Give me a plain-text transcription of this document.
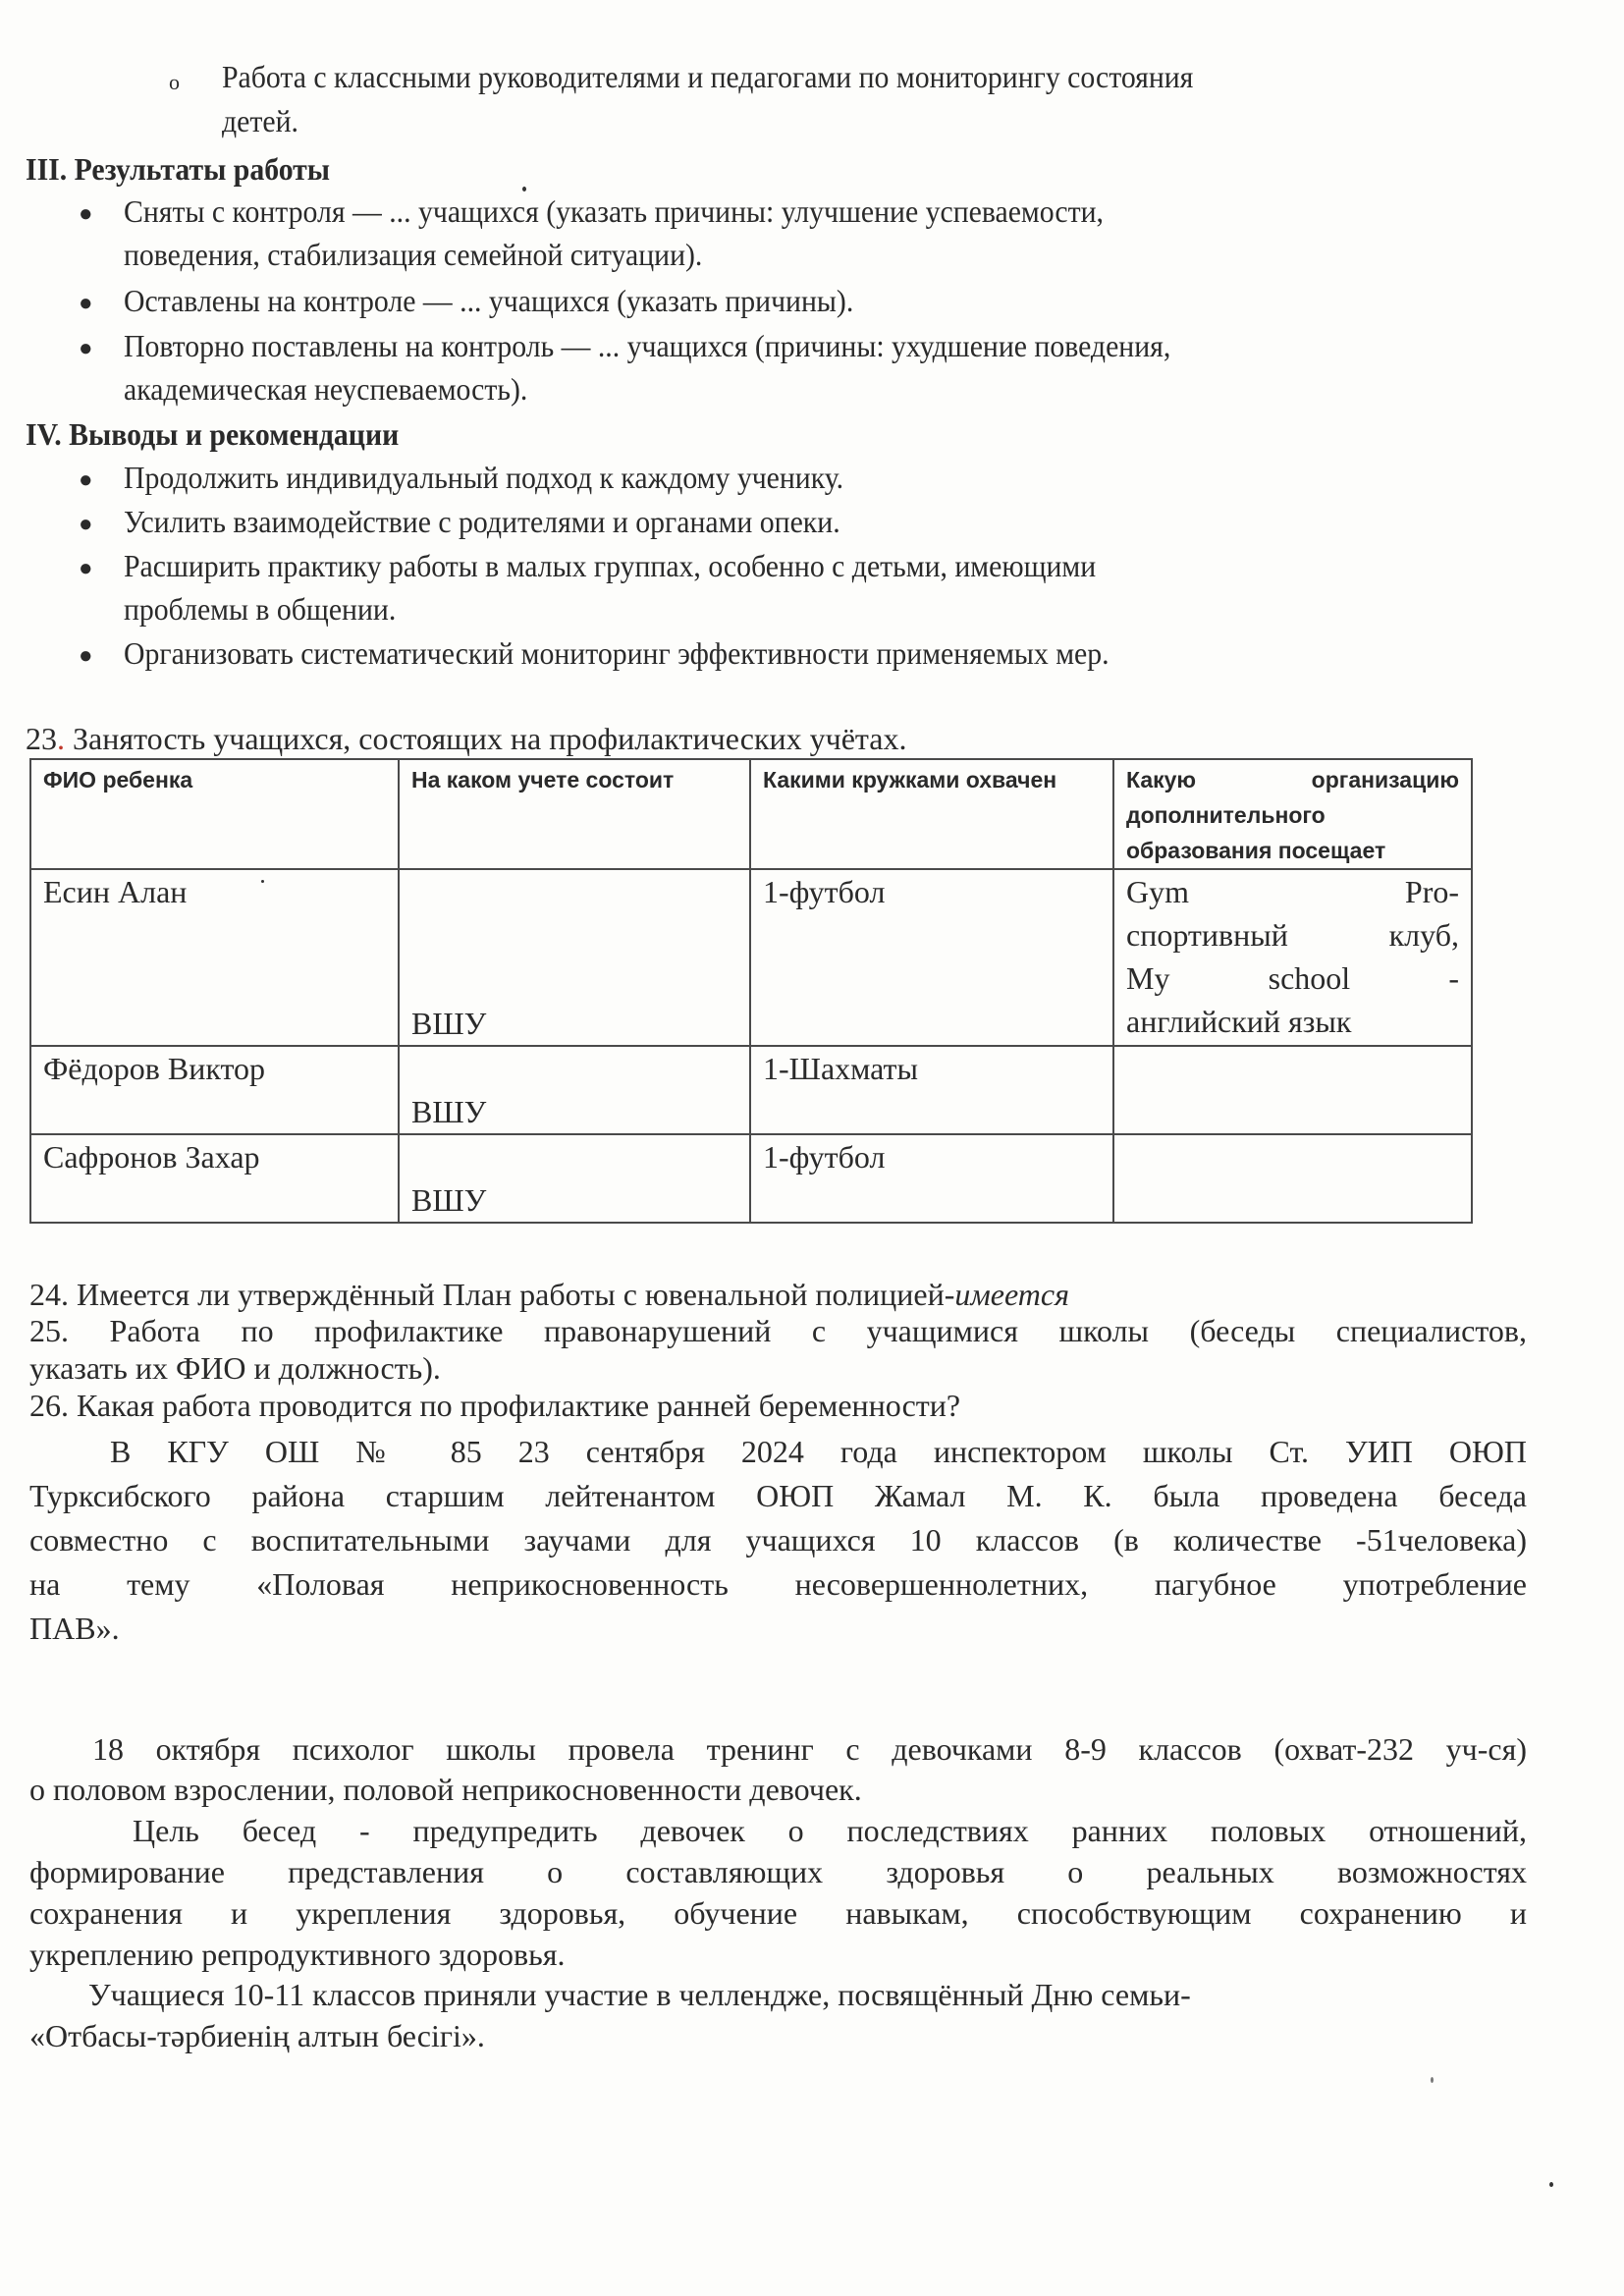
o Работа с классными руководителями и педагогами по мониторингу состояния
детей.
III. Результаты работы
● Сняты с контроля — ... учащихся (указать причины: улучшение успеваемости,
поведения, стабилизация семейной ситуации).
● Оставлены на контроле — ... учащихся (указать причины).
● Повторно поставлены на контроль — ... учащихся (причины: ухудшение поведения,
академическая неуспеваемость).
IV. Выводы и рекомендации
● Продолжить индивидуальный подход к каждому ученику.
● Усилить взаимодействие с родителями и органами опеки.
● Расширить практику работы в малых группах, особенно с детьми, имеющими
проблемы в общении.
● Организовать систематический мониторинг эффективности применяемых мер.
23. Занятость учащихся, состоящих на профилактических учётах.
ФИО ребенка	На каком учете состоит	Какими кружками охвачен	Какую организацию дополнительного образования посещает
Есин Алан	ВШУ	1-футбол	Gym Pro-
спортивный клуб,
My school -
английский язык

Фёдоров Виктор	ВШУ	1-Шахматы	
Сафронов Захар	ВШУ	1-футбол	
24. Имеется ли утверждённый План работы с ювенальной полицией-имеется
25. Работа по профилактике правонарушений с учащимися школы (беседы специалистов,
указать их ФИО и должность).
26. Какая работа проводится по профилактике ранней беременности?
В КГУ ОШ № 85 23 сентября 2024 года инспектором школы Ст. УИП ОЮП
Турксибского района старшим лейтенантом ОЮП Жамал М. К. была проведена беседа
совместно с воспитательными заучами для учащихся 10 классов (в количестве -51человека)
на тему «Половая неприкосновенность несовершеннолетних, пагубное употребление
ПАВ».
18 октября психолог школы провела тренинг с девочками 8-9 классов (охват-232 уч-ся)
о половом взрослении, половой неприкосновенности девочек.
Цель бесед - предупредить девочек о последствиях ранних половых отношений,
формирование представления о составляющих здоровья о реальных возможностях
сохранения и укрепления здоровья, обучение навыкам, способствующим сохранению и
укреплению репродуктивного здоровья.
Учащиеся 10-11 классов приняли участие в челлендже, посвящённый Дню семьи-
«Отбасы-тәрбиенің алтын бесігі».
